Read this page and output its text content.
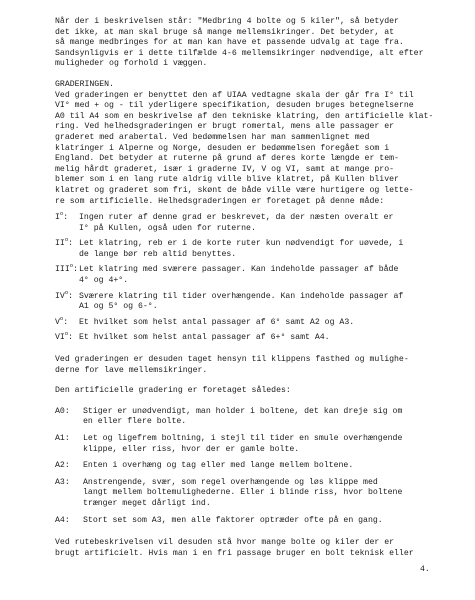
Når der i beskrivelsen står: "Medbring 4 bolte og 5 kiler", så betyder
det ikke, at man skal bruge så mange mellemsikringer. Det betyder, at
så mange medbringes for at man kan have et passende udvalg at tage fra.
Sandsynligvis er i dette tilfælde 4-6 mellemsikringer nødvendige, alt efter
muligheder og forhold i væggen.

GRADERINGEN.

Ved graderingen er benyttet den af UIAA vedtagne skala der går fra I° til
VI° med + og - til yderligere specifikation, desuden bruges betegnelserne
A0 til A4 som en beskrivelse af den tekniske klatring, den artificielle klat-
ring. Ved helhedsgraderingen er brugt romertal, mens alle passager er
graderet med arabertal. Ved bedømmelsen har man sammenlignet med
klatringer i Alperne og Norge, desuden er bedømmelsen foregået som i
England. Det betyder at ruterne på grund af deres korte længde er tem-
melig hårdt graderet, især i graderne IV, V og VI, samt at mange pro-
blemer som i en lang rute aldrig ville blive klatret, på Kullen bliver
klatret og graderet som fri, skønt de både ville være hurtigere og lette-
re som artificielle. Helhedsgraderingen er foretaget på denne måde:

$I^o$:	Ingen ruter af denne grad er beskrevet, da der næsten overalt er
I° på Kullen, også uden for ruterne.
$II^o$: Let klatring, reb er i de korte ruter kun nødvendigt for uøvede, i
de lange bør reb altid benyttes.
III$^o$: Let klatring med sværere passager. Kan indeholde passager af både
4° og 4+°.
$IV^o$: Sværere klatring til tider overhængende. Kan indeholde passager af
A1 og 5° og 6-°.
$V^o$:	Et hvilket som helst antal passager af 6° samt A2 og A3.
$VI^o$: Et hvilket som helst antal passager af 6+° samt A4.

Ved graderingen er desuden taget hensyn til klippens fasthed og mulighe-
derne for lave mellemsikringer.

Den artificielle gradering er foretaget således:

A0:	Stiger er unødvendigt, man holder i boltene, det kan dreje sig om
en eller flere bolte.
A1:	Let og ligefrem boltning, i stejl til tider en smule overhængende
klippe, eller riss, hvor der er gamle bolte.
A2:	Enten i overhæng og tag eller med lange mellem boltene.
A3:	Anstrengende, svær, som regel overhængende og løs klippe med
langt mellem boltemulighederne. Eller i blinde riss, hvor boltene
trænger meget dårligt ind.
A4:	Stort set som A3, men alle faktorer optræder ofte på en gang.

Ved rutebeskrivelsen vil desuden stå hvor mange bolte og kiler der er
brugt artificielt. Hvis man i en fri passage bruger en bolt teknisk eller

4.
